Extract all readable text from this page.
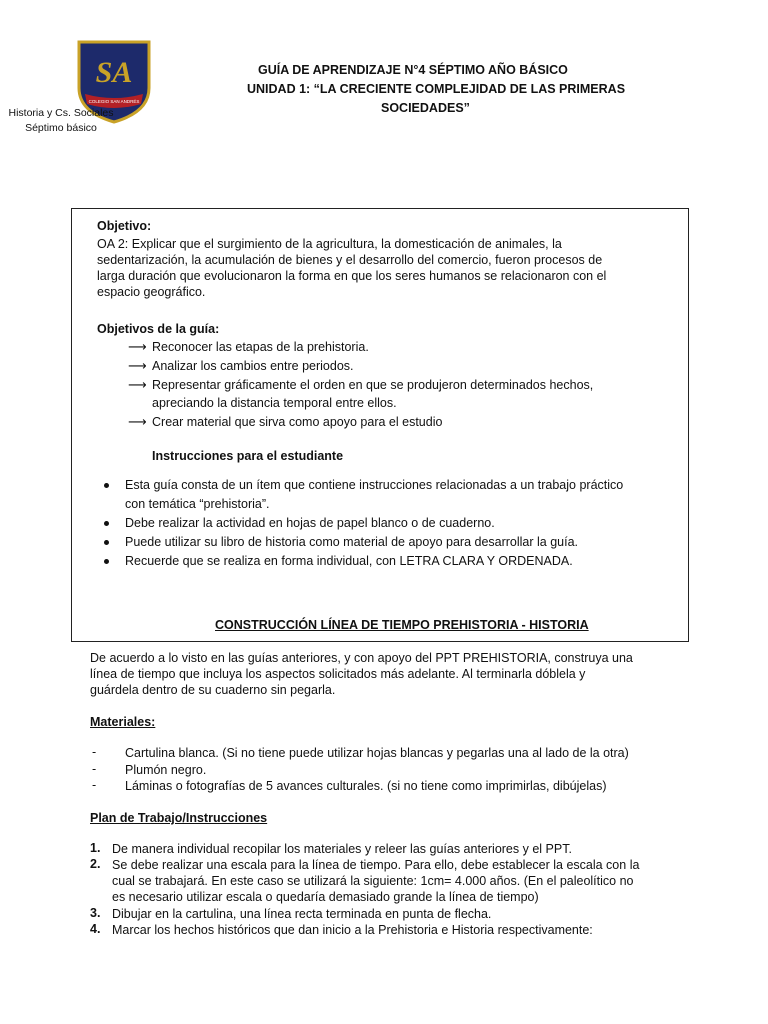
SA
COLEGIO SAN ANDRÉS
Historia y Cs. Sociales
Séptimo básico
GUÍA DE APRENDIZAJE N°4 SÉPTIMO AÑO BÁSICO
UNIDAD 1: “LA CRECIENTE COMPLEJIDAD DE LAS PRIMERAS
SOCIEDADES”
Objetivo:
OA 2: Explicar que el surgimiento de la agricultura, la domesticación de animales, la
sedentarización, la acumulación de bienes y el desarrollo del comercio, fueron procesos de
larga duración que evolucionaron la forma en que los seres humanos se relacionaron con el
espacio geográfico.
Objetivos de la guía:
⟶ Reconocer las etapas de la prehistoria.
⟶ Analizar los cambios entre periodos.
⟶ Representar gráficamente el orden en que se produjeron determinados hechos,
apreciando la distancia temporal entre ellos.
⟶ Crear material que sirva como apoyo para el estudio
Instrucciones para el estudiante
Esta guía consta de un ítem que contiene instrucciones relacionadas a un trabajo práctico
con temática “prehistoria”.
Debe realizar la actividad en hojas de papel blanco o de cuaderno.
Puede utilizar su libro de historia como material de apoyo para desarrollar la guía.
Recuerde que se realiza en forma individual, con LETRA CLARA Y ORDENADA.
CONSTRUCCIÓN LÍNEA DE TIEMPO PREHISTORIA - HISTORIA
De acuerdo a lo visto en las guías anteriores, y con apoyo del PPT PREHISTORIA, construya una
línea de tiempo que incluya los aspectos solicitados más adelante. Al terminarla dóblela y
guárdela dentro de su cuaderno sin pegarla.
Materiales:
- Cartulina blanca. (Si no tiene puede utilizar hojas blancas y pegarlas una al lado de la otra)
- Plumón negro.
- Láminas o fotografías de 5 avances culturales. (si no tiene como imprimirlas, dibújelas)
Plan de Trabajo/Instrucciones
1. De manera individual recopilar los materiales y releer las guías anteriores y el PPT.
2. Se debe realizar una escala para la línea de tiempo. Para ello, debe establecer la escala con la
cual se trabajará. En este caso se utilizará la siguiente: 1cm= 4.000 años. (En el paleolítico no
es necesario utilizar escala o quedaría demasiado grande la línea de tiempo)
3. Dibujar en la cartulina, una línea recta terminada en punta de flecha.
4. Marcar los hechos históricos que dan inicio a la Prehistoria e Historia respectivamente:
